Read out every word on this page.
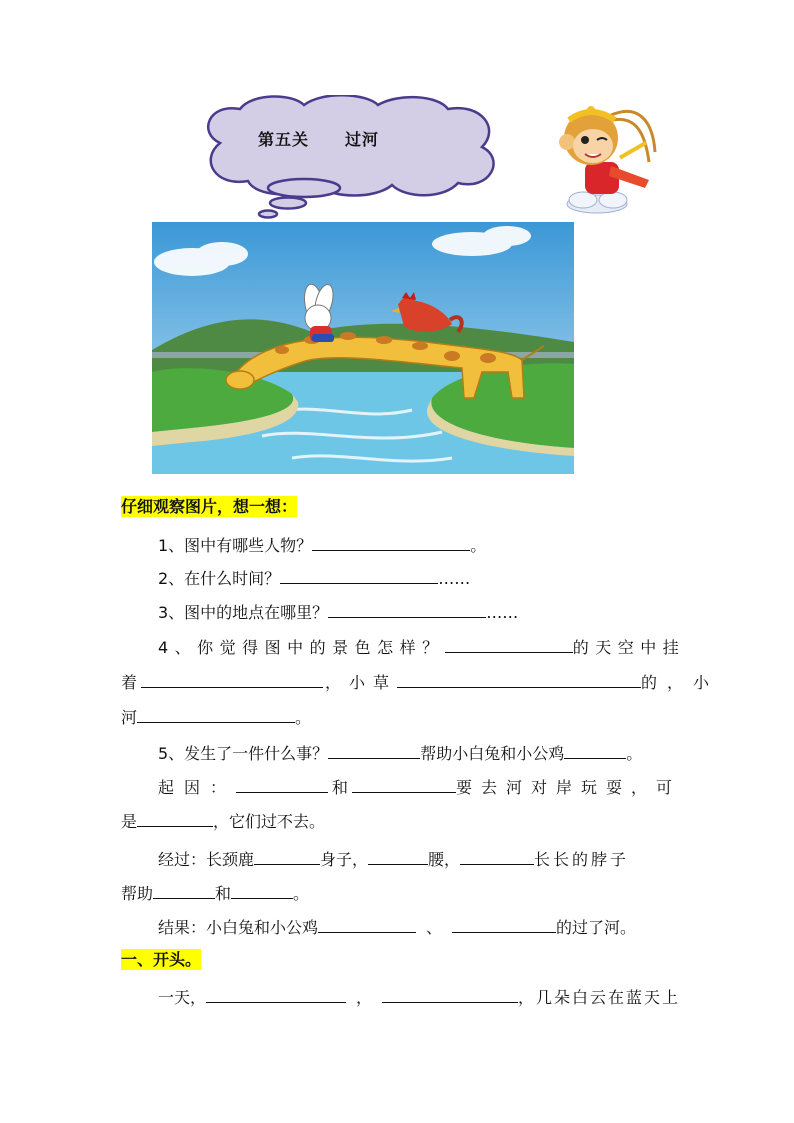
第五关 过河
仔细观察图片，想一想：
1、图中有哪些人物？	。
2、在什么时间？	……
3、图中的地点在哪里？	……
4、你觉得图中的景色怎样？	的天空中挂
着	，小草	的，小
河	。
5、发生了一件什么事？	帮助小白兔和小公鸡	。
起因：	和	要去河对岸玩耍，可
是	，它们过不去。
经过：长颈鹿	身子，	腰，	长长的脖子
帮助	和	。
结果：小白兔和小公鸡	、	的过了河。
一、开头。
一天，	，	，几朵白云在蓝天上
